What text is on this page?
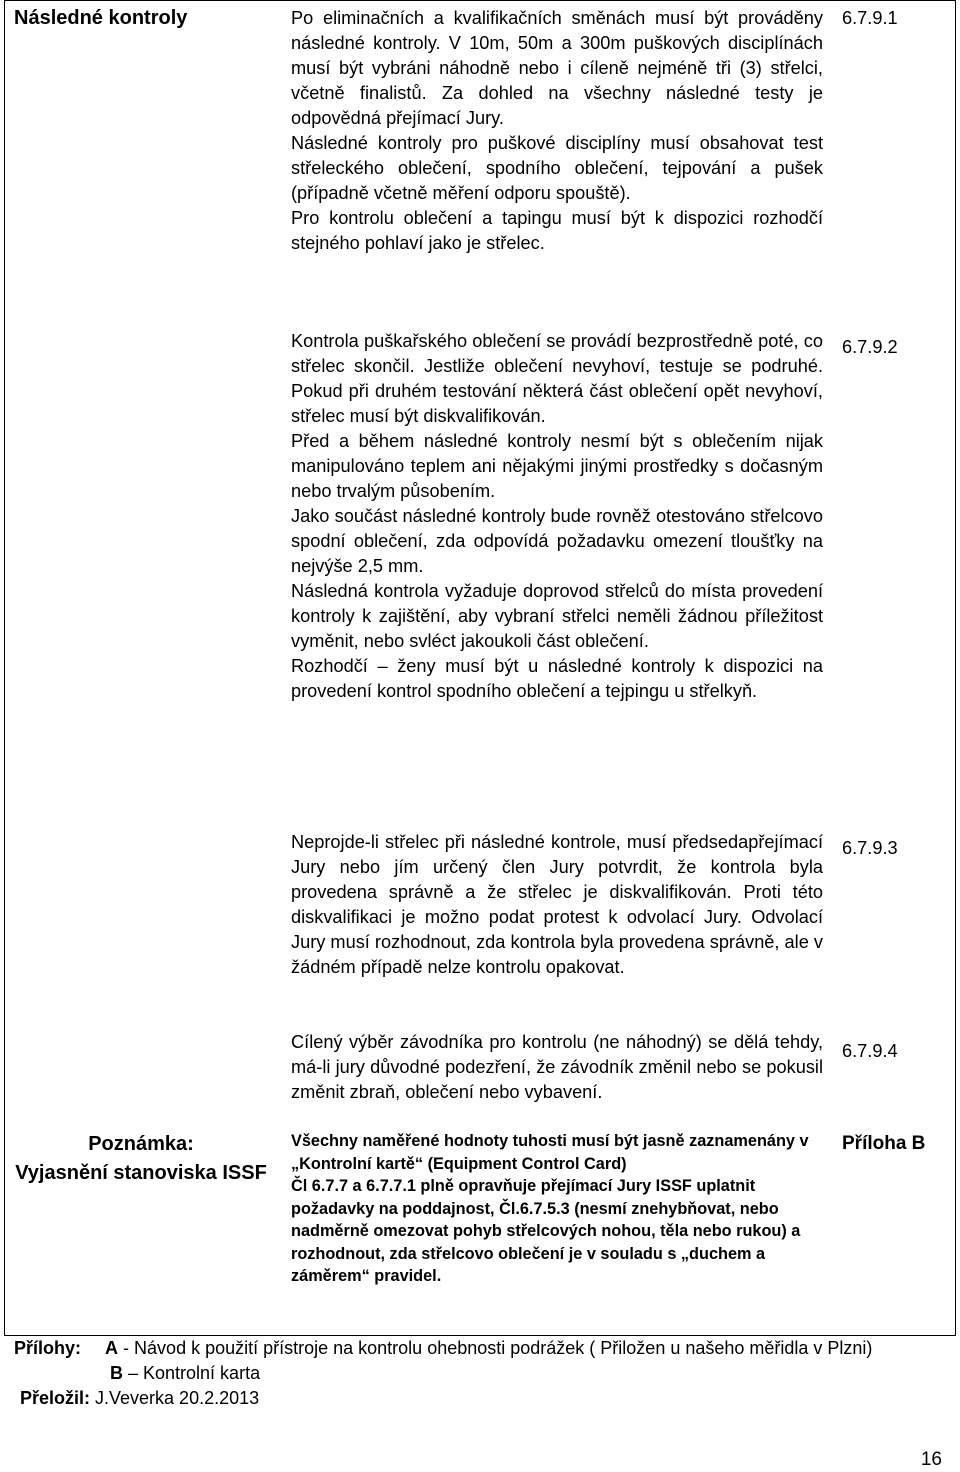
Následné kontroly
Poznámka:
Vyjasnění stanoviska ISSF

Po eliminačních a kvalifikačních směnách musí být prováděny následné kontroly. V 10m, 50m a 300m puškových disciplínách musí být vybráni náhodně nebo i cíleně nejméně tři (3) střelci, včetně finalistů. Za dohled na všechny následné testy je odpovědná přejímací Jury.

Následné kontroly pro puškové disciplíny musí obsahovat test střeleckého oblečení, spodního oblečení, tejpování a pušek (případně včetně měření odporu spouště).

Pro kontrolu oblečení a tapingu musí být k dispozici rozhodčí stejného pohlaví jako je střelec.

6.7.9.1

Kontrola puškařského oblečení se provádí bezprostředně poté, co střelec skončil. Jestliže oblečení nevyhoví, testuje se podruhé. Pokud při druhém testování některá část oblečení opět nevyhoví, střelec musí být diskvalifikován.

Před a během následné kontroly nesmí být s oblečením nijak manipulováno teplem ani nějakými jinými prostředky s dočasným nebo trvalým působením.

Jako součást následné kontroly bude rovněž otestováno střelcovo spodní oblečení, zda odpovídá požadavku omezení tloušťky na nejvýše 2,5 mm.

Následná kontrola vyžaduje doprovod střelců do místa provedení kontroly k zajištění, aby vybraní střelci neměli žádnou příležitost vyměnit, nebo svléct jakoukoli část oblečení.

Rozhodčí – ženy musí být u následné kontroly k dispozici na provedení kontrol spodního oblečení a tejpingu u střelkyň.

6.7.9.2

Neprojde-li střelec při následné kontrole, musí předsedapřejímací Jury nebo jím určený člen Jury potvrdit, že kontrola byla provedena správně a že střelec je diskvalifikován. Proti této diskvalifikaci je možno podat protest k odvolací Jury. Odvolací Jury musí rozhodnout, zda kontrola byla provedena správně, ale v žádném případě nelze kontrolu opakovat.

6.7.9.3

Cílený výběr závodníka pro kontrolu (ne náhodný) se dělá tehdy, má-li jury důvodné podezření, že závodník změnil nebo se pokusil změnit zbraň, oblečení nebo vybavení.

6.7.9.4

Všechny naměřené hodnoty tuhosti musí být jasně zaznamenány v „Kontrolní kartě“ (Equipment Control Card)

Čl 6.7.7 a 6.7.7.1 plně opravňuje přejímací Jury ISSF uplatnit požadavky na poddajnost, Čl.6.7.5.3 (nesmí znehybňovat, nebo nadměrně omezovat pohyb střelcových nohou, těla nebo rukou) a rozhodnout, zda střelcovo oblečení je v souladu s „duchem a záměrem“ pravidel.

Příloha B
Přílohy: A - Návod k použití přístroje na kontrolu ohebnosti podrážek ( Přiložen u našeho měřidla v Plzni)
B – Kontrolní karta
Přeložil: J.Veverka 20.2.2013
16
